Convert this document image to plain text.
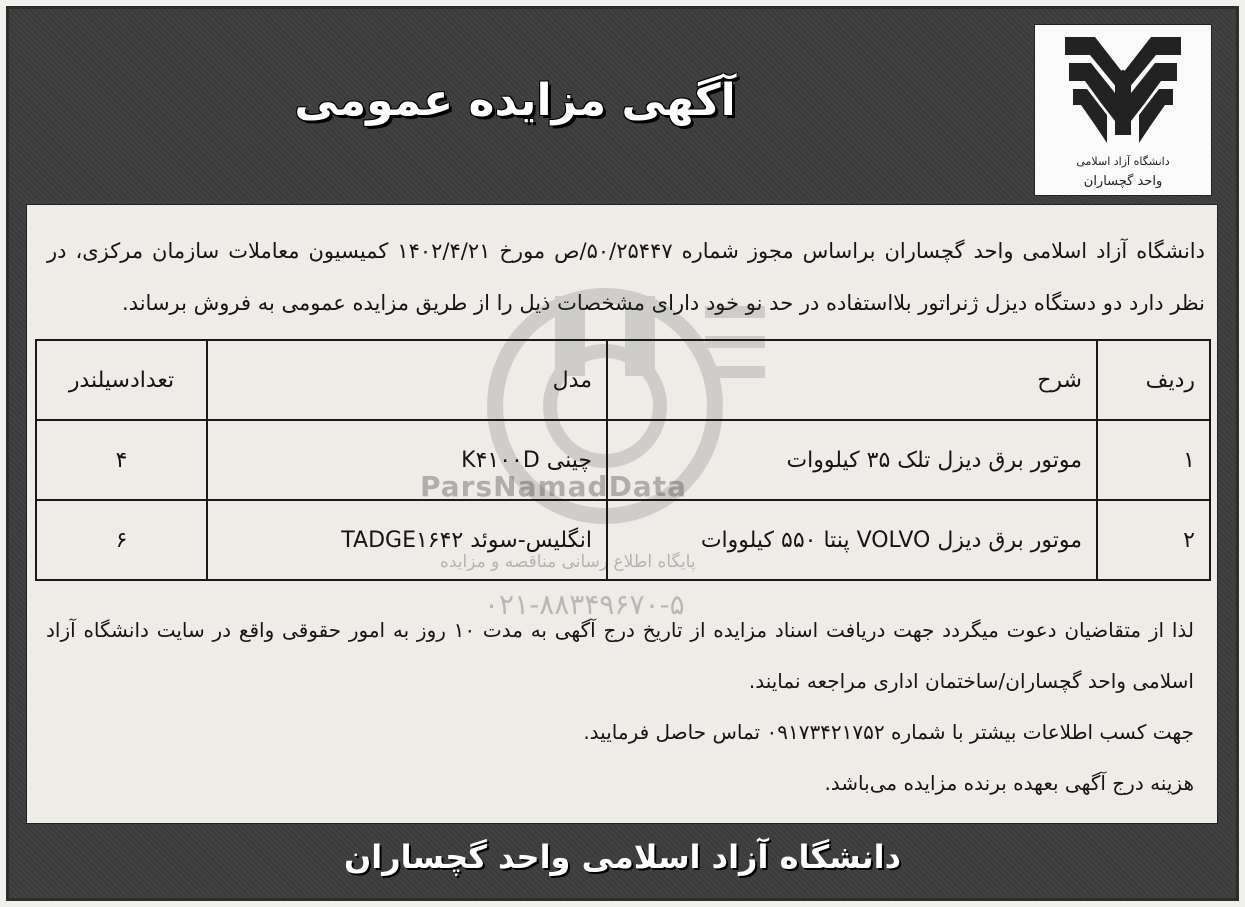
آگهی مزایده عمومی
دانشگاه آزاد اسلامی
واحد گچساران
دانشگاه آزاد اسلامی واحد گچساران براساس مجوز شماره ۵۰/۲۵۴۴۷/ص مورخ ۱۴۰۲/۴/۲۱ کمیسیون معاملات سازمان مرکزی، در نظر دارد دو دستگاه دیزل ژنراتور بلااستفاده در حد نو خود دارای مشخصات ذیل را از طریق مزایده عمومی به فروش برساند.
ParsNamadData
پایگاه اطلاع رسانی مناقصه و مزایده
۰۲۱-۸۸۳۴۹۶۷۰-۵
ردیف	شرح	مدل	تعدادسیلندر
۱	موتور برق دیزل تلک ۳۵ کیلووات	چینی K۴۱۰۰D	۴
۲	موتور برق دیزل VOLVO پنتا ۵۵۰ کیلووات	انگلیس-سوئد TADGE۱۶۴۲	۶

لذا از متقاضیان دعوت میگردد جهت دریافت اسناد مزایده از تاریخ درج آگهی به مدت ۱۰ روز به امور حقوقی واقع در سایت دانشگاه آزاد اسلامی واحد گچساران/ساختمان اداری مراجعه نمایند.

جهت کسب اطلاعات بیشتر با شماره ۰۹۱۷۳۴۲۱۷۵۲ تماس حاصل فرمایید.

هزینه درج آگهی بعهده برنده مزایده می‌باشد.

دانشگاه آزاد اسلامی واحد گچساران
